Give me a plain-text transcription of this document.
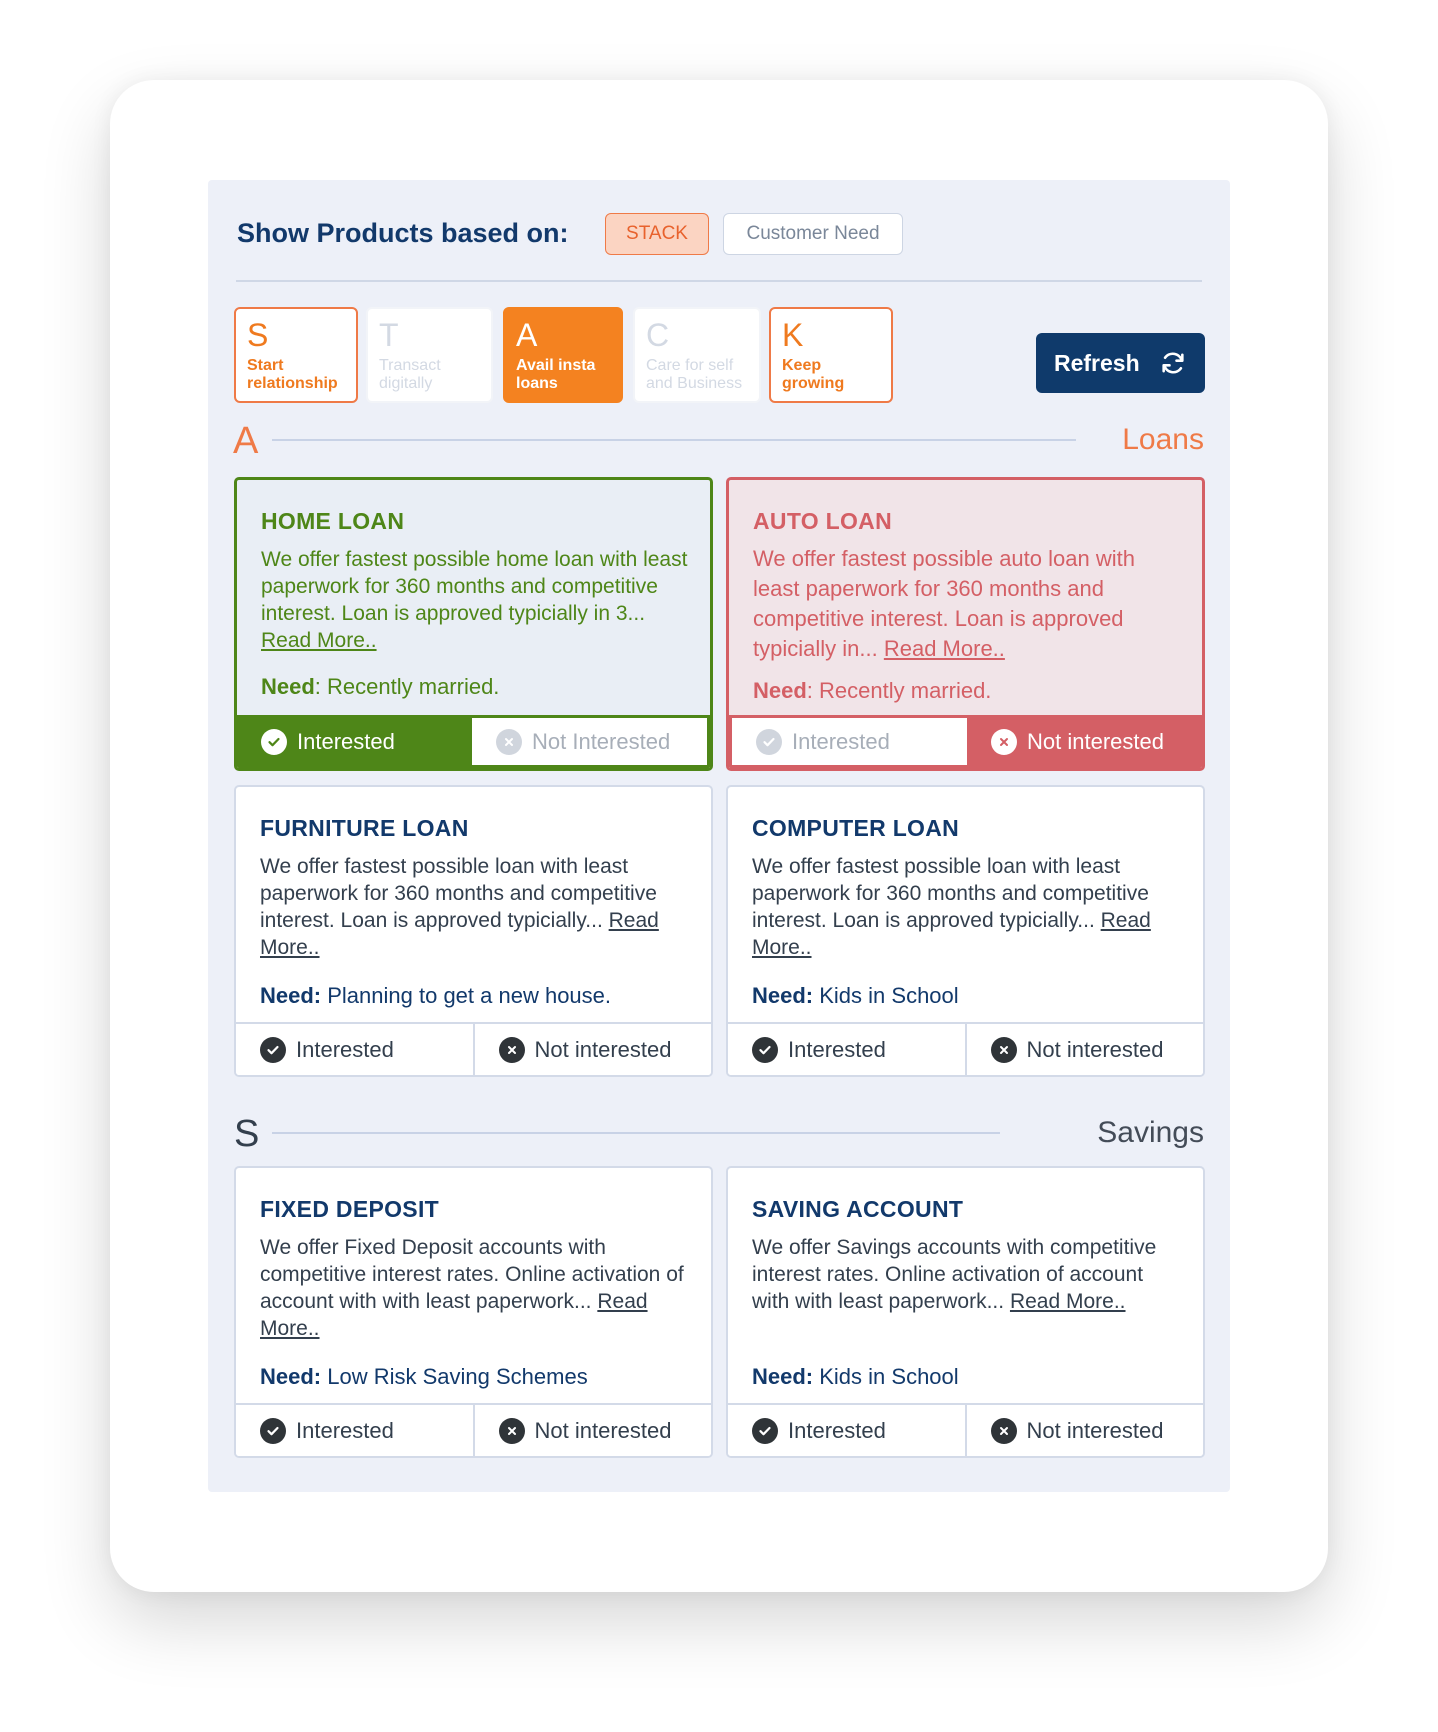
Show Products based on:	STACK	Customer Need
S
Start relationship
T
Transact digitally
A
Avail insta loans
C
Care for self and Business
K
Keep growing
Refresh
A	Loans
HOME LOAN
We offer fastest possible home loan with least paperwork for 360 months and competitive interest. Loan is approved typicially in 3... Read More..
Need: Recently married.
Interested	Not Interested
AUTO LOAN
We offer fastest possible auto loan with least paperwork for 360 months and competitive interest. Loan is approved typicially in... Read More..
Need: Recently married.
Interested	Not interested
FURNITURE LOAN
We offer fastest possible loan with least paperwork for 360 months and competitive interest. Loan is approved typicially... Read More..
Need: Planning to get a new house.
Interested	Not interested
COMPUTER LOAN
We offer fastest possible loan with least paperwork for 360 months and competitive interest. Loan is approved typicially... Read More..
Need: Kids in School
Interested	Not interested
S	Savings
FIXED DEPOSIT
We offer Fixed Deposit accounts with competitive interest rates. Online activation of account with with least paperwork... Read More..
Need: Low Risk Saving Schemes
Interested	Not interested
SAVING ACCOUNT
We offer Savings accounts with competitive interest rates. Online activation of account with with least paperwork... Read More..
Need: Kids in School
Interested	Not interested
